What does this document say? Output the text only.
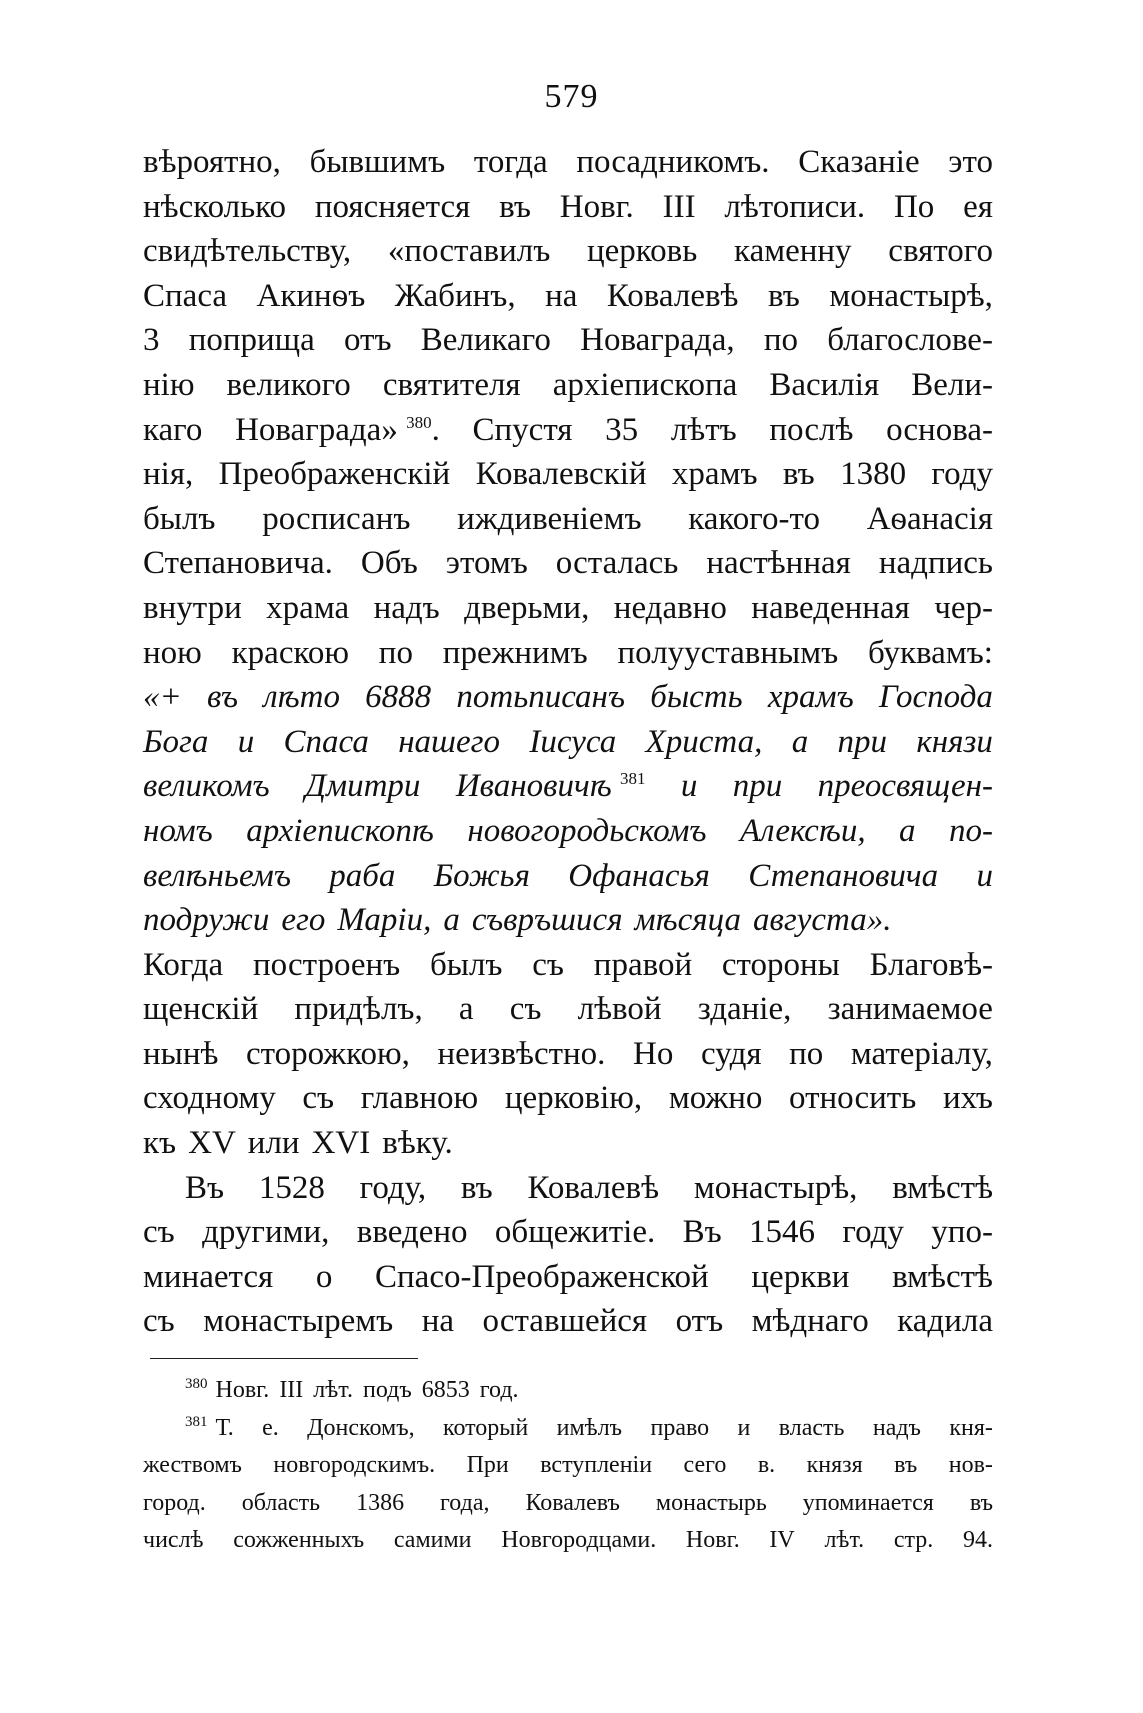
579
вѣроятно, бывшимъ тогда посадникомъ. Сказаніе это
нѣсколько поясняется въ Новг. III лѣтописи. По ея
свидѣтельству, «поставилъ церковь каменну святого
Спаса Акинѳъ Жабинъ, на Ковалевѣ въ монастырѣ,
3 поприща отъ Великаго Новаграда, по благослове-
нію великого святителя архіепископа Василія Вели-
каго Новаграда» $^{380}$. Спустя 35 лѣтъ послѣ основа-
нія, Преображенскій Ковалевскій храмъ въ 1380 году
былъ росписанъ иждивеніемъ какого-то Аѳанасія
Степановича. Объ этомъ осталась настѣнная надпись
внутри храма надъ дверьми, недавно наведенная чер-
ною краскою по прежнимъ полууставнымъ буквамъ:
«+ въ лѣто 6888 потьписанъ бысть храмъ Господа
Бога и Спаса нашего Іисуса Христа, а при князи
великомъ Дмитри Ивановичѣ $^{381}$ и при преосвящен-
номъ архіепископѣ новогородьскомъ Алексѣи, а по-
велѣньемъ раба Божья Офанасья Степановича и
подружи его Маріи, а съвръшися мѣсяца августа».
Когда построенъ былъ съ правой стороны Благовѣ-
щенскій придѣлъ, а съ лѣвой зданіе, занимаемое
нынѣ сторожкою, неизвѣстно. Но судя по матеріалу,
сходному съ главною церковію, можно относить ихъ
къ XV или XVI вѣку.
Въ 1528 году, въ Ковалевѣ монастырѣ, вмѣстѣ
съ другими, введено общежитіе. Въ 1546 году упо-
минается о Спасо-Преображенской церкви вмѣстѣ
съ монастыремъ на оставшейся отъ мѣднаго кадила
$^{380}$ Новг. III лѣт. подъ 6853 год.
$^{381}$ Т. е. Донскомъ, который имѣлъ право и власть надъ кня-
жествомъ новгородскимъ. При вступленіи сего в. князя въ нов-
город. область 1386 года, Ковалевъ монастырь упоминается въ
числѣ сожженныхъ самими Новгородцами. Новг. IV лѣт. стр. 94.
